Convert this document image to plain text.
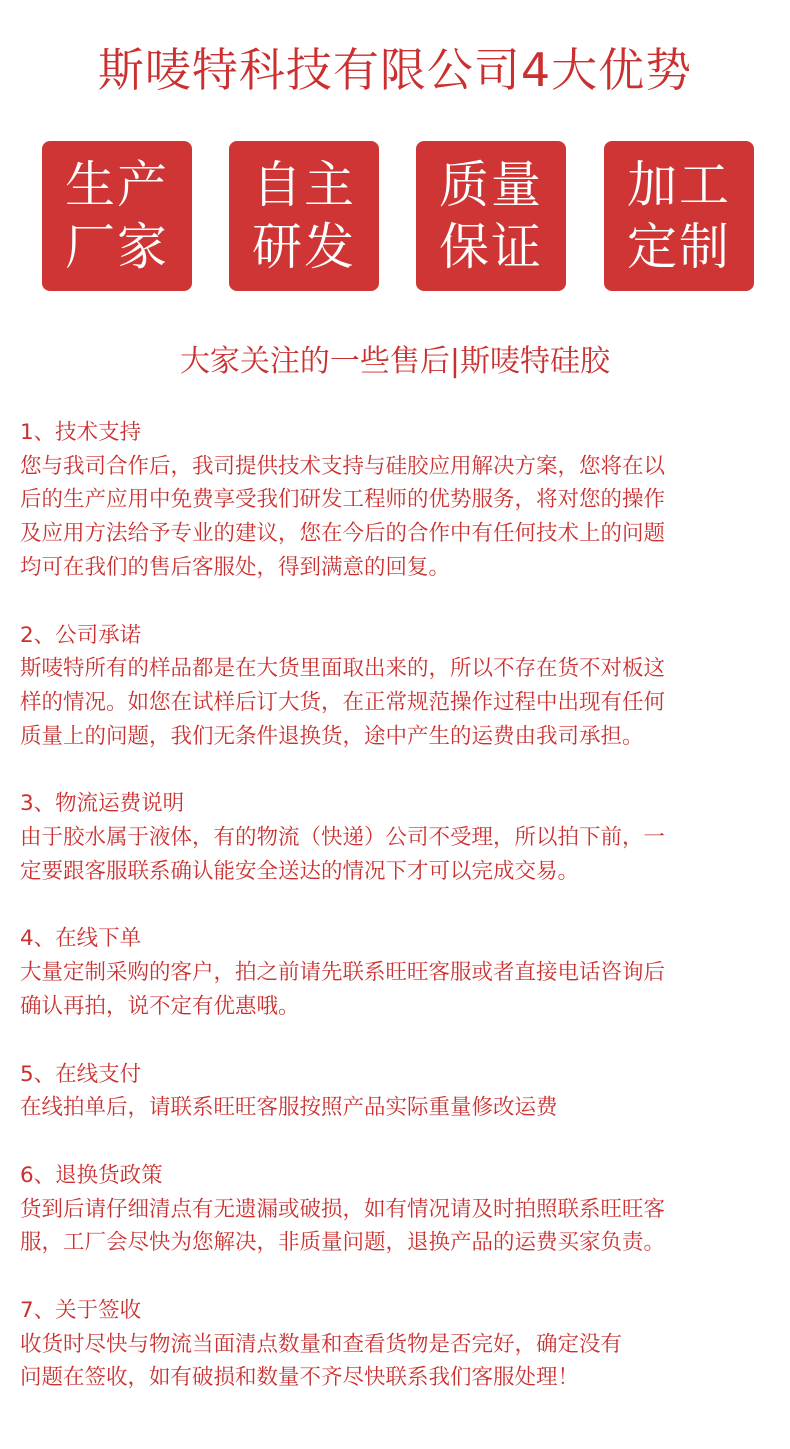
斯唛特科技有限公司4大优势
生产
厂家
自主
研发
质量
保证
加工
定制
大家关注的一些售后|斯唛特硅胶
1、技术支持
您与我司合作后，我司提供技术支持与硅胶应用解决方案，您将在以
后的生产应用中免费享受我们研发工程师的优势服务，将对您的操作
及应用方法给予专业的建议，您在今后的合作中有任何技术上的问题
均可在我们的售后客服处，得到满意的回复。
2、公司承诺
斯唛特所有的样品都是在大货里面取出来的，所以不存在货不对板这
样的情况。如您在试样后订大货，在正常规范操作过程中出现有任何
质量上的问题，我们无条件退换货，途中产生的运费由我司承担。
3、物流运费说明
由于胶水属于液体，有的物流（快递）公司不受理，所以拍下前，一
定要跟客服联系确认能安全送达的情况下才可以完成交易。
4、在线下单
大量定制采购的客户，拍之前请先联系旺旺客服或者直接电话咨询后
确认再拍，说不定有优惠哦。
5、在线支付
在线拍单后，请联系旺旺客服按照产品实际重量修改运费
6、退换货政策
货到后请仔细清点有无遗漏或破损，如有情况请及时拍照联系旺旺客
服，工厂会尽快为您解决，非质量问题，退换产品的运费买家负责。
7、关于签收
收货时尽快与物流当面清点数量和查看货物是否完好，确定没有
问题在签收，如有破损和数量不齐尽快联系我们客服处理！
